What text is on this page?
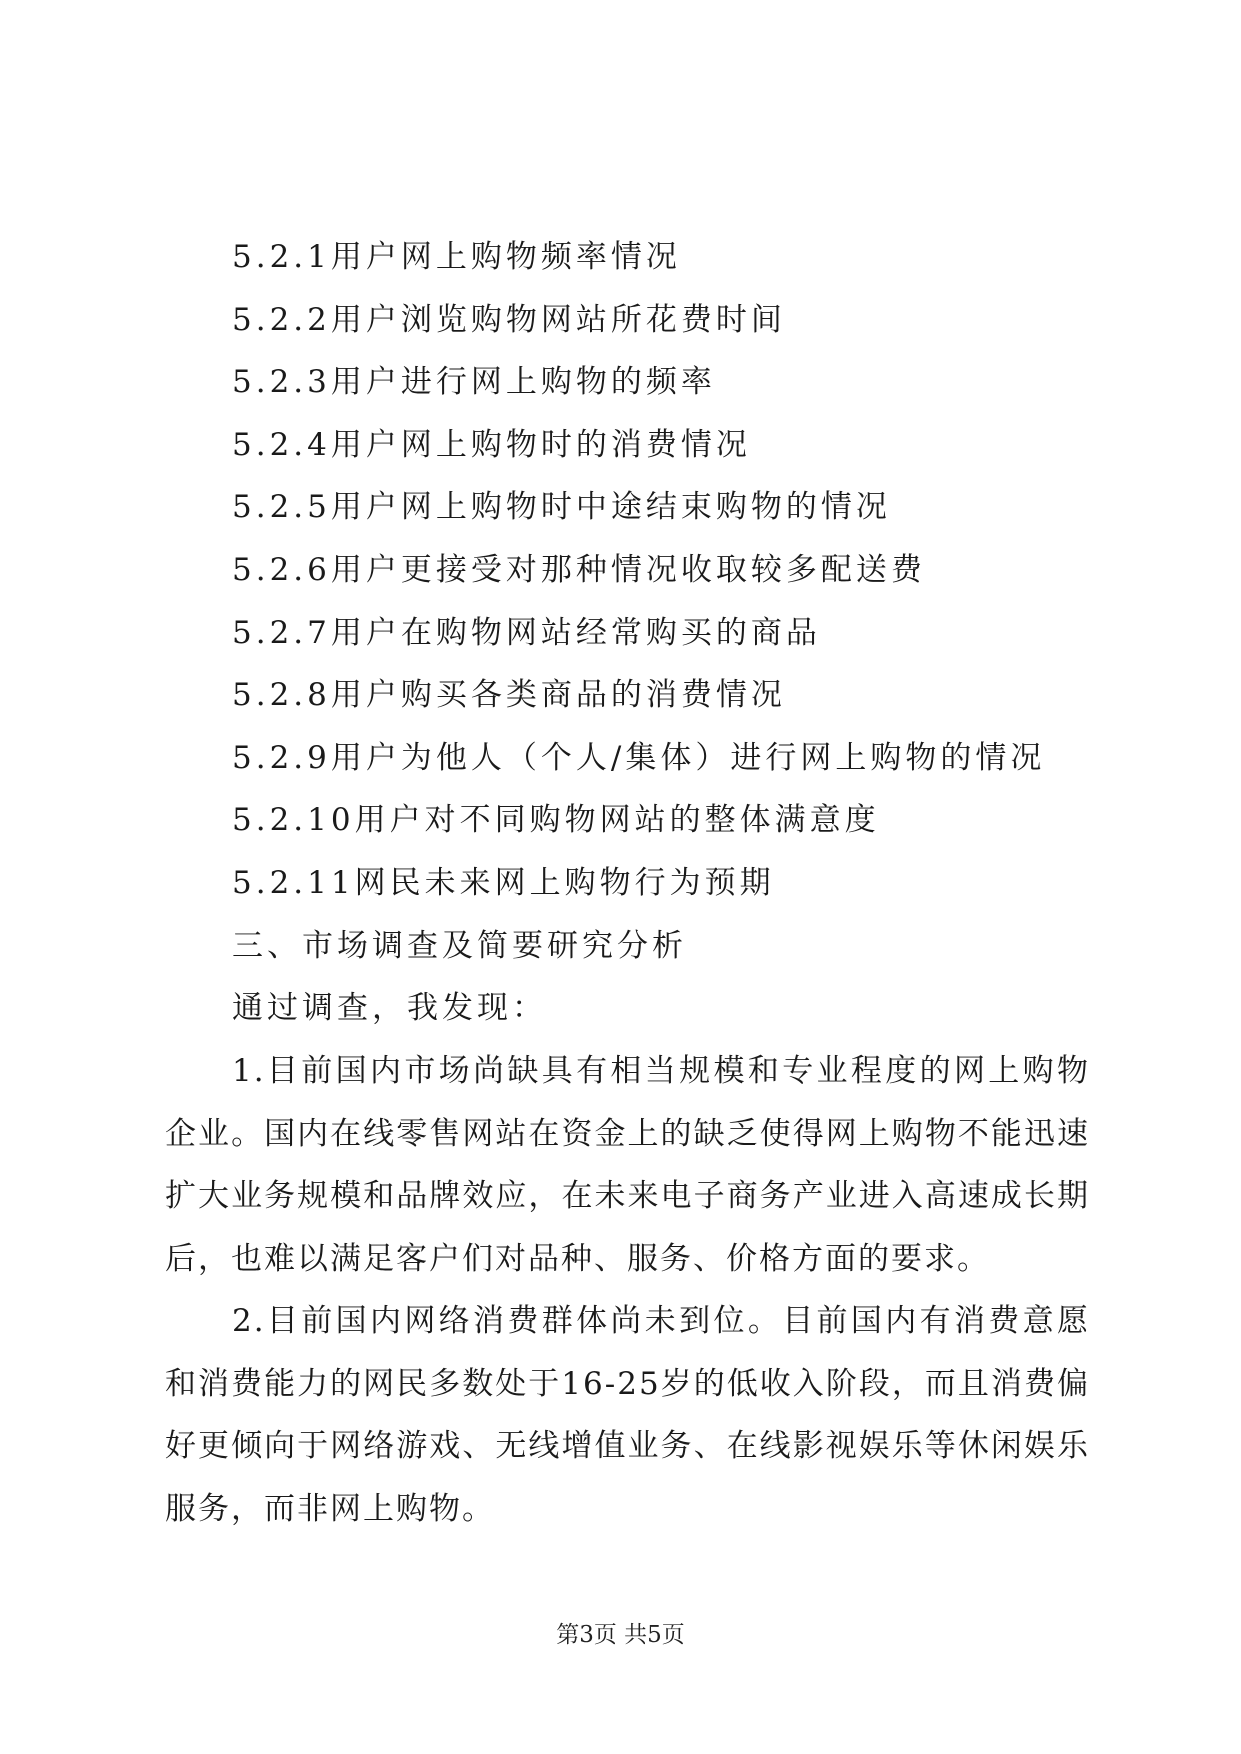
5.2.1用户网上购物频率情况
5.2.2用户浏览购物网站所花费时间
5.2.3用户进行网上购物的频率
5.2.4用户网上购物时的消费情况
5.2.5用户网上购物时中途结束购物的情况
5.2.6用户更接受对那种情况收取较多配送费
5.2.7用户在购物网站经常购买的商品
5.2.8用户购买各类商品的消费情况
5.2.9用户为他人（个人/集体）进行网上购物的情况
5.2.10用户对不同购物网站的整体满意度
5.2.11网民未来网上购物行为预期
三、市场调查及简要研究分析
通过调查，我发现：

1.目前国内市场尚缺具有相当规模和专业程度的网上购物企业。国内在线零售网站在资金上的缺乏使得网上购物不能迅速扩大业务规模和品牌效应，在未来电子商务产业进入高速成长期后，也难以满足客户们对品种、服务、价格方面的要求。

2.目前国内网络消费群体尚未到位。目前国内有消费意愿和消费能力的网民多数处于16-25岁的低收入阶段，而且消费偏好更倾向于网络游戏、无线增值业务、在线影视娱乐等休闲娱乐服务，而非网上购物。

第3页 共5页
